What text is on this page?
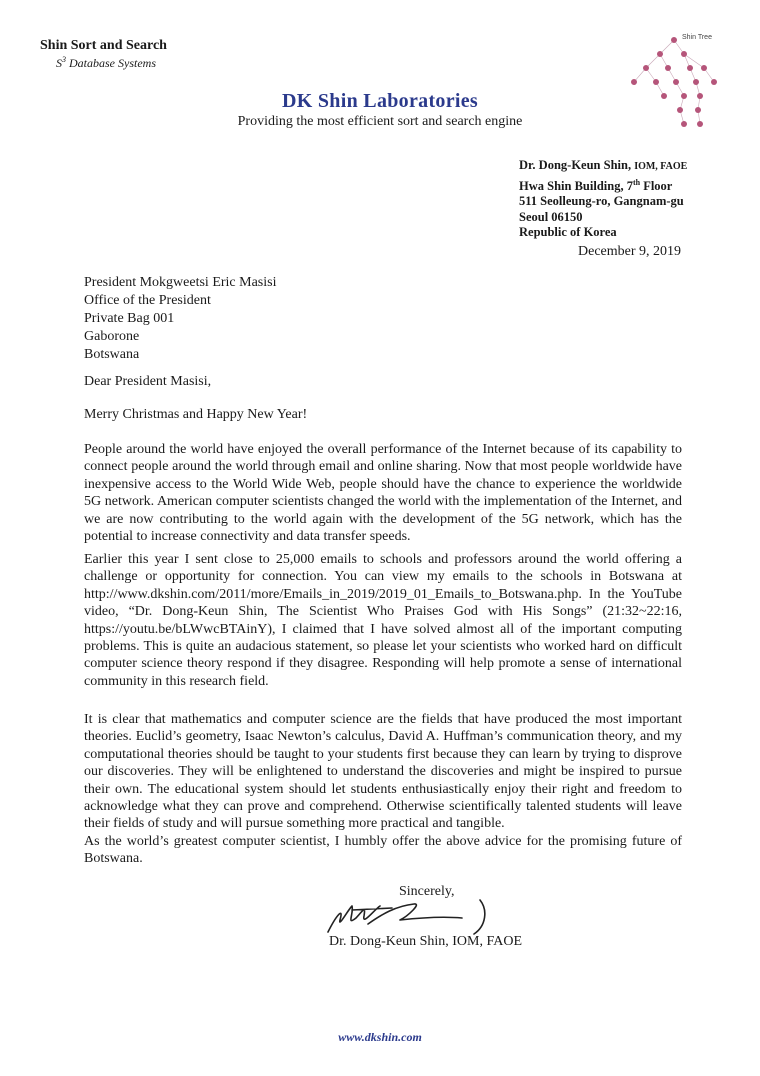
Shin Sort and Search
$S^3$ Database Systems
DK Shin Laboratories
Providing the most efficient sort and search engine
Shin Tree
Dr. Dong-Keun Shin, IOM, FAOE
Hwa Shin Building, 7th Floor
511 Seolleung-ro, Gangnam-gu
Seoul 06150
Republic of Korea
December 9, 2019
President Mokgweetsi Eric Masisi
Office of the President
Private Bag 001
Gaborone
Botswana
Dear President Masisi,
Merry Christmas and Happy New Year!

People around the world have enjoyed the overall performance of the Internet because of its capability to connect people around the world through email and online sharing. Now that most people worldwide have inexpensive access to the World Wide Web, people should have the chance to experience the worldwide 5G network. American computer scientists changed the world with the implementation of the Internet, and we are now contributing to the world again with the development of the 5G network, which has the potential to increase connectivity and data transfer speeds.

Earlier this year I sent close to 25,000 emails to schools and professors around the world offering a challenge or opportunity for connection. You can view my emails to the schools in Botswana at http://www.dkshin.com/2011/more/Emails_in_2019/2019_01_Emails_to_Botswana.php. In the YouTube video, “Dr. Dong-Keun Shin, The Scientist Who Praises God with His Songs” (21:32~22:16, https://youtu.be/bLWwcBTAinY), I claimed that I have solved almost all of the important computing problems. This is quite an audacious statement, so please let your scientists who worked hard on difficult computer science theory respond if they disagree. Responding will help promote a sense of international community in this research field.

It is clear that mathematics and computer science are the fields that have produced the most important theories. Euclid’s geometry, Isaac Newton’s calculus, David A. Huffman’s communication theory, and my computational theories should be taught to your students first because they can learn by trying to disprove our discoveries. They will be enlightened to understand the discoveries and might be inspired to pursue their own. The educational system should let students enthusiastically enjoy their right and freedom to acknowledge what they can prove and comprehend. Otherwise scientifically talented students will leave their fields of study and will pursue something more practical and tangible.

As the world’s greatest computer scientist, I humbly offer the above advice for the promising future of Botswana.

Sincerely,
Dr. Dong-Keun Shin, IOM, FAOE
www.dkshin.com
